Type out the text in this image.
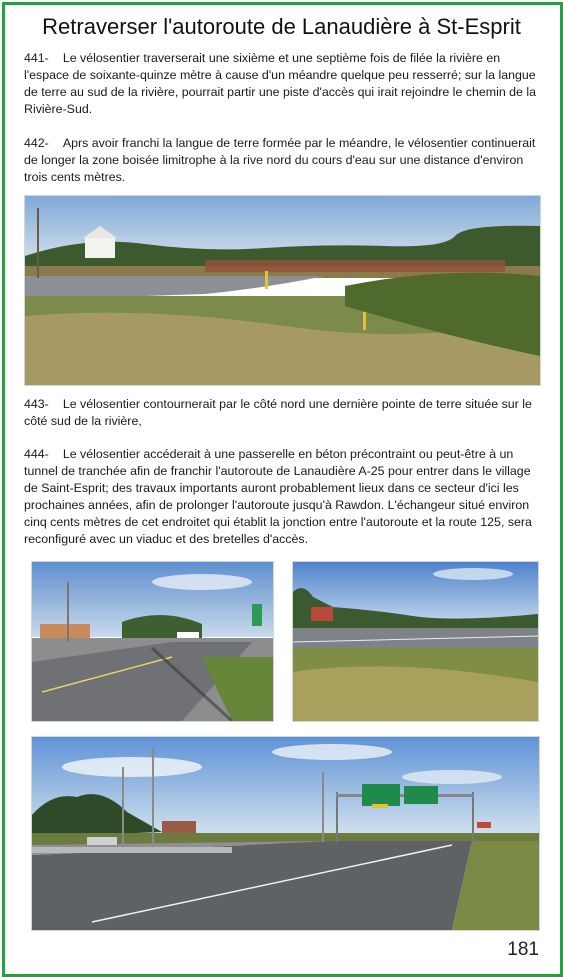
Retraverser l'autoroute de Lanaudière à St-Esprit

441- Le vélosentier traverserait une sixième et une septième fois de filée la rivière en l'espace de soixante-quinze mètre à cause d'un méandre quelque peu resserré; sur la langue de terre au sud de la rivière, pourrait partir une piste d'accès qui irait rejoindre le chemin de la Rivière-Sud.

442- Aprs avoir franchi la langue de terre formée par le méandre, le vélosentier continuerait de longer la zone boisée limitrophe à la rive nord du cours d'eau sur une distance d'environ trois cents mètres.

443- Le vélosentier contournerait par le côté nord une dernière pointe de terre située sur le côté sud de la rivière,

444- Le vélosentier accéderait à une passerelle en béton précontraint ou peut-être à un tunnel de tranchée afin de franchir l'autoroute de Lanaudière A-25 pour entrer dans le village de Saint-Esprit; des travaux importants auront probablement lieux dans ce secteur d'ici les prochaines années, afin de prolonger l'autoroute jusqu'à Rawdon. L'échangeur situé environ cinq cents mètres de cet endroitet qui établit la jonction entre l'autoroute et la route 125, sera reconfiguré avec un viaduc et des bretelles d'accès.

181
